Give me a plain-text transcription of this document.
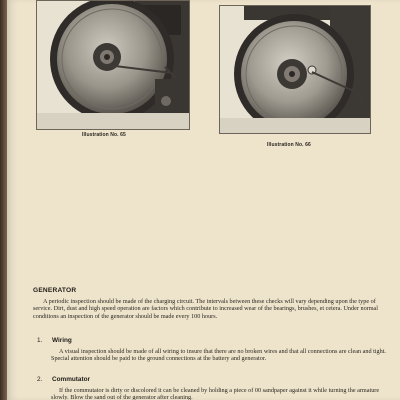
Illustration No. 65
Illustration No. 66
GENERATOR
A periodic inspection should be made of the charging circuit. The intervals between these checks will vary depending upon the type of service. Dirt, dust and high speed operation are factors which contribute to increased wear of the bearings, brushes, et cetera. Under normal conditions an inspection of the generator should be made every 100 hours.
1. Wiring
A visual inspection should be made of all wiring to insure that there are no broken wires and that all connections are clean and tight. Special attention should be paid to the ground connections at the battery and generator.
2. Commutator
If the commutator is dirty or discolored it can be cleaned by holding a piece of 00 sandpaper against it while turning the armature slowly. Blow the sand out of the generator after cleaning.
